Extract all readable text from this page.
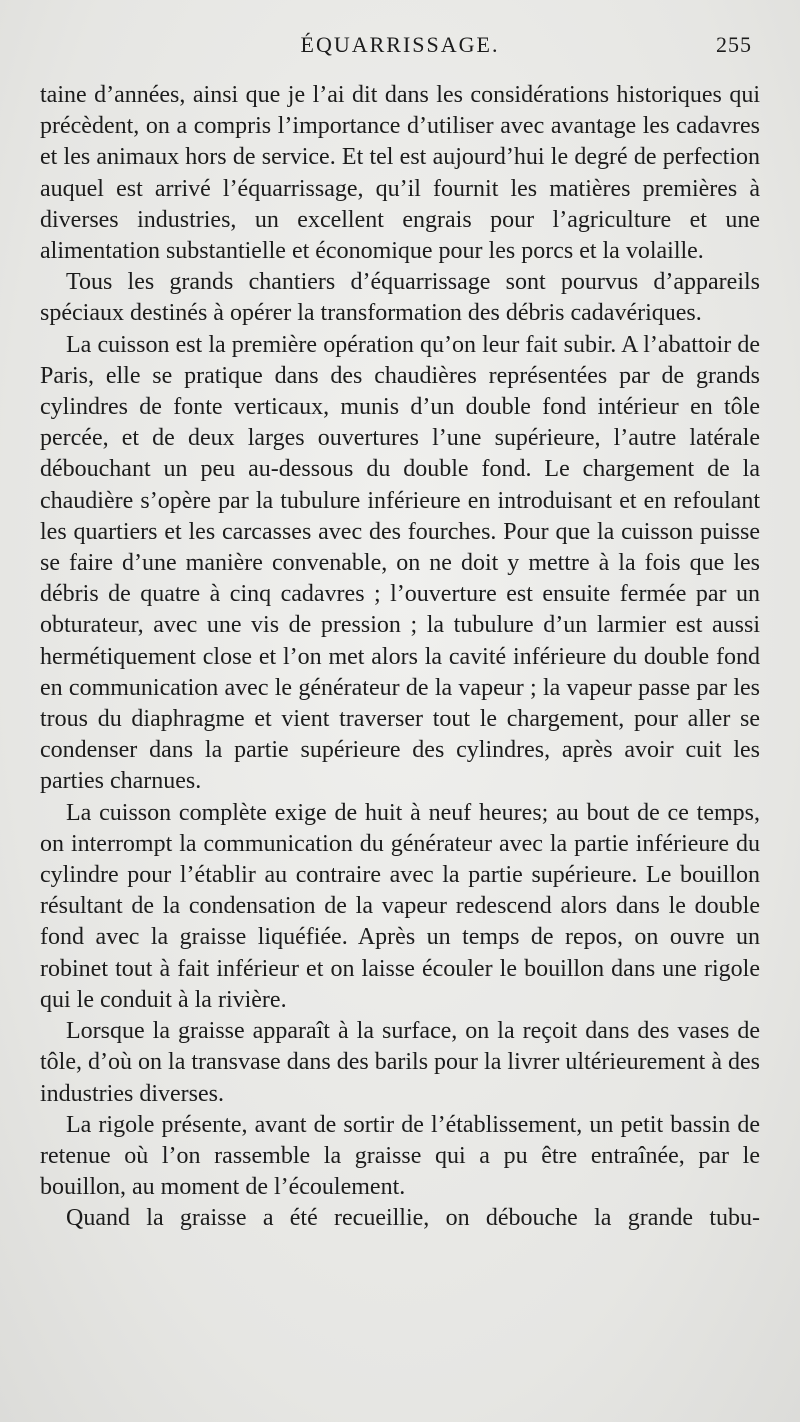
ÉQUARRISSAGE.	255

taine d’années, ainsi que je l’ai dit dans les considérations historiques qui précèdent, on a compris l’importance d’utiliser avec avantage les cadavres et les animaux hors de service. Et tel est aujourd’hui le degré de perfection auquel est arrivé l’équarrissage, qu’il fournit les matières premières à diverses industries, un excellent engrais pour l’agriculture et une alimentation substantielle et économique pour les porcs et la volaille.

Tous les grands chantiers d’équarrissage sont pourvus d’appareils spéciaux destinés à opérer la transformation des débris cadavériques.

La cuisson est la première opération qu’on leur fait subir. A l’abattoir de Paris, elle se pratique dans des chaudières représentées par de grands cylindres de fonte verticaux, munis d’un double fond intérieur en tôle percée, et de deux larges ouvertures l’une supérieure, l’autre latérale débouchant un peu au-dessous du double fond. Le chargement de la chaudière s’opère par la tubulure inférieure en introduisant et en refoulant les quartiers et les carcasses avec des fourches. Pour que la cuisson puisse se faire d’une manière convenable, on ne doit y mettre à la fois que les débris de quatre à cinq cadavres ; l’ouverture est ensuite fermée par un obturateur, avec une vis de pression ; la tubulure d’un larmier est aussi hermétiquement close et l’on met alors la cavité inférieure du double fond en communication avec le générateur de la vapeur ; la vapeur passe par les trous du diaphragme et vient traverser tout le chargement, pour aller se condenser dans la partie supérieure des cylindres, après avoir cuit les parties charnues.

La cuisson complète exige de huit à neuf heures; au bout de ce temps, on interrompt la communication du générateur avec la partie inférieure du cylindre pour l’établir au contraire avec la partie supérieure. Le bouillon résultant de la condensation de la vapeur redescend alors dans le double fond avec la graisse liquéfiée. Après un temps de repos, on ouvre un robinet tout à fait inférieur et on laisse écouler le bouillon dans une rigole qui le conduit à la rivière.

Lorsque la graisse apparaît à la surface, on la reçoit dans des vases de tôle, d’où on la transvase dans des barils pour la livrer ultérieurement à des industries diverses.

La rigole présente, avant de sortir de l’établissement, un petit bassin de retenue où l’on rassemble la graisse qui a pu être entraînée, par le bouillon, au moment de l’écoulement.

Quand la graisse a été recueillie, on débouche la grande tubu-
